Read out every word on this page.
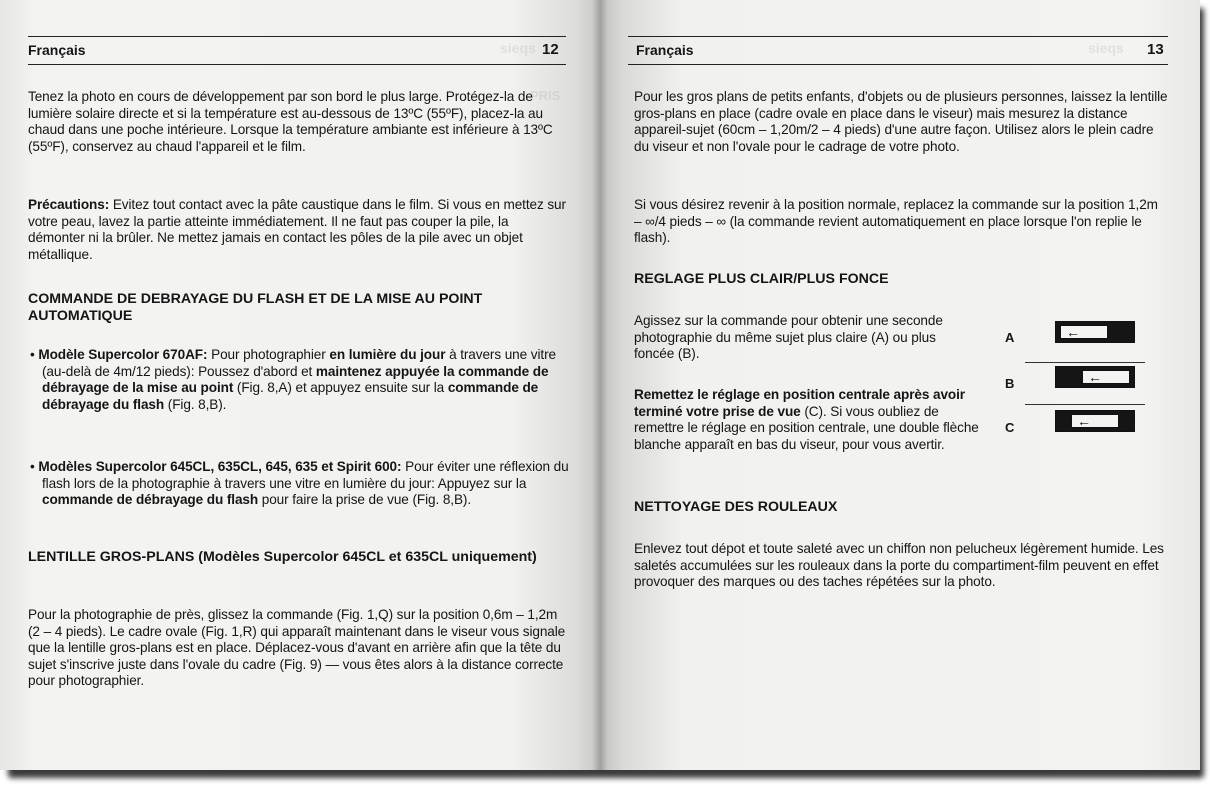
sieqs
PRIS
Français	12

Tenez la photo en cours de développement par son bord le plus large. Protégez-la de lumière solaire directe et si la température est au-dessous de 13ºC (55ºF), placez-la au chaud dans une poche intérieure. Lorsque la température ambiante est inférieure à 13ºC (55ºF), conservez au chaud l'appareil et le film.

Précautions: Evitez tout contact avec la pâte caustique dans le film. Si vous en mettez sur votre peau, lavez la partie atteinte immédiatement. Il ne faut pas couper la pile, la démonter ni la brûler. Ne mettez jamais en contact les pôles de la pile avec un objet métallique.

COMMANDE DE DEBRAYAGE DU FLASH ET DE LA MISE AU POINT AUTOMATIQUE

• Modèle Supercolor 670AF: Pour photographier en lumière du jour à travers une vitre (au-delà de 4m/12 pieds): Poussez d'abord et maintenez appuyée la commande de débrayage de la mise au point (Fig. 8,A) et appuyez ensuite sur la commande de débrayage du flash (Fig. 8,B).

• Modèles Supercolor 645CL, 635CL, 645, 635 et Spirit 600: Pour éviter une réflexion du flash lors de la photographie à travers une vitre en lumière du jour: Appuyez sur la commande de débrayage du flash pour faire la prise de vue (Fig. 8,B).

LENTILLE GROS-PLANS (Modèles Supercolor 645CL et 635CL uniquement)

Pour la photographie de près, glissez la commande (Fig. 1,Q) sur la position 0,6m – 1,2m (2 – 4 pieds). Le cadre ovale (Fig. 1,R) qui apparaît maintenant dans le viseur vous signale que la lentille gros-plans est en place. Déplacez-vous d'avant en arrière afin que la tête du sujet s'inscrive juste dans l'ovale du cadre (Fig. 9) — vous êtes alors à la distance correcte pour photographier.

sieqs
Français	13

Pour les gros plans de petits enfants, d'objets ou de plusieurs personnes, laissez la lentille gros-plans en place (cadre ovale en place dans le viseur) mais mesurez la distance appareil-sujet (60cm – 1,20m/2 – 4 pieds) d'une autre façon. Utilisez alors le plein cadre du viseur et non l'ovale pour le cadrage de votre photo.

Si vous désirez revenir à la position normale, replacez la commande sur la position 1,2m – ∞/4 pieds – ∞ (la commande revient automatiquement en place lorsque l'on replie le flash).

REGLAGE PLUS CLAIR/PLUS FONCE

Agissez sur la commande pour obtenir une seconde photographie du même sujet plus claire (A) ou plus foncée (B).

Remettez le réglage en position centrale après avoir terminé votre prise de vue (C). Si vous oubliez de remettre le réglage en position centrale, une double flèche blanche apparaît en bas du viseur, pour vous avertir.

A	←
B	←
C	←

NETTOYAGE DES ROULEAUX

Enlevez tout dépot et toute saleté avec un chiffon non pelucheux légèrement humide. Les saletés accumulées sur les rouleaux dans la porte du compartiment-film peuvent en effet provoquer des marques ou des taches répétées sur la photo.
